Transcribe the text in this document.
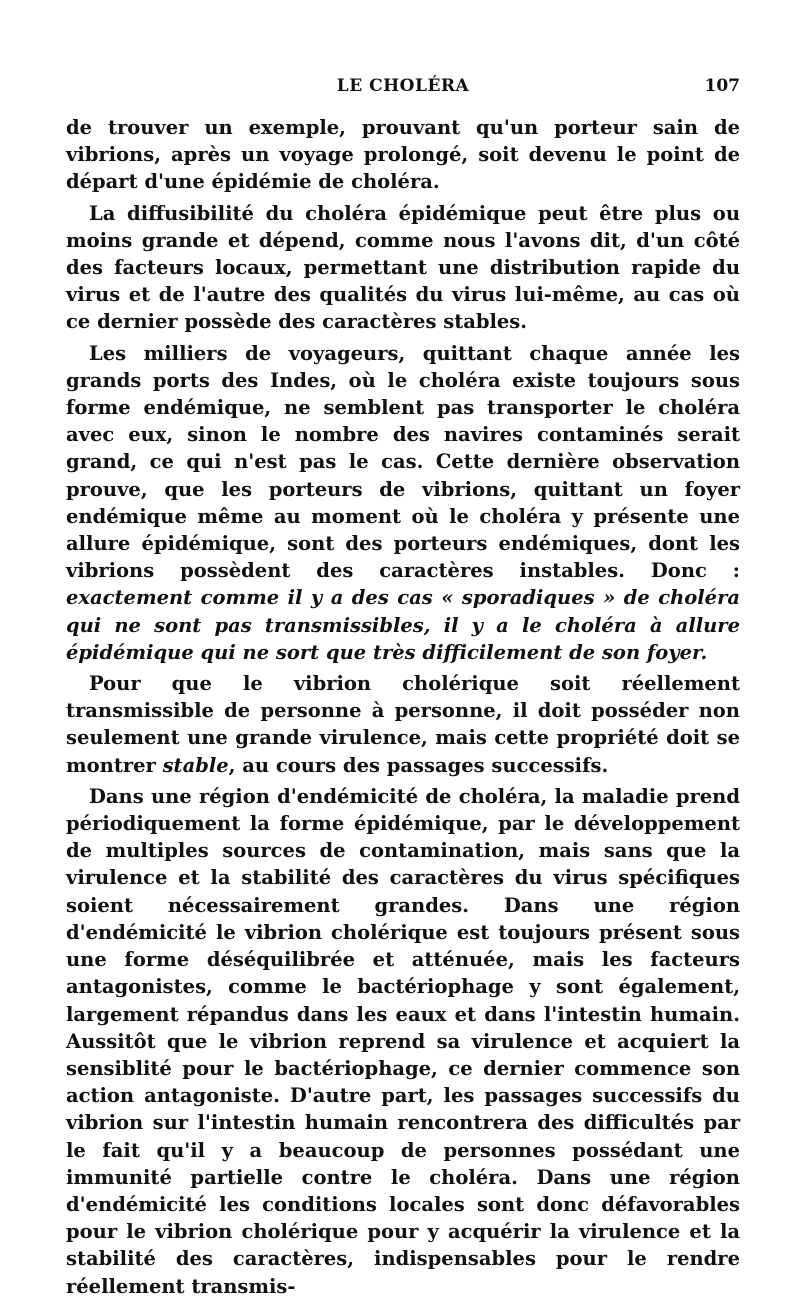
LE CHOLÉRA	107

de trouver un exemple, prouvant qu'un porteur sain de vibrions, après un voyage prolongé, soit devenu le point de départ d'une épidémie de choléra.

La diffusibilité du choléra épidémique peut être plus ou moins grande et dépend, comme nous l'avons dit, d'un côté des facteurs locaux, permettant une distribution rapide du virus et de l'autre des qualités du virus lui-même, au cas où ce dernier possède des caractères stables.

Les milliers de voyageurs, quittant chaque année les grands ports des Indes, où le choléra existe toujours sous forme endémique, ne semblent pas transporter le choléra avec eux, sinon le nombre des navires contaminés serait grand, ce qui n'est pas le cas. Cette dernière observation prouve, que les porteurs de vibrions, quittant un foyer endémique même au moment où le choléra y présente une allure épidémique, sont des porteurs endémiques, dont les vibrions possèdent des caractères instables. Donc : exactement comme il y a des cas « sporadiques » de choléra qui ne sont pas transmissibles, il y a le choléra à allure épidémique qui ne sort que très difficilement de son foyer.

Pour que le vibrion cholérique soit réellement transmissible de personne à personne, il doit posséder non seulement une grande virulence, mais cette propriété doit se montrer stable, au cours des passages successifs.

Dans une région d'endémicité de choléra, la maladie prend périodiquement la forme épidémique, par le développement de multiples sources de contamination, mais sans que la virulence et la stabilité des caractères du virus spécifiques soient nécessairement grandes. Dans une région d'endémicité le vibrion cholérique est toujours présent sous une forme déséquilibrée et atténuée, mais les facteurs antagonistes, comme le bactériophage y sont également, largement répandus dans les eaux et dans l'intestin humain. Aussitôt que le vibrion reprend sa virulence et acquiert la sensiblité pour le bactériophage, ce dernier commence son action antagoniste. D'autre part, les passages successifs du vibrion sur l'intestin humain rencontrera des difficultés par le fait qu'il y a beaucoup de personnes possédant une immunité partielle contre le choléra. Dans une région d'endémicité les conditions locales sont donc défavorables pour le vibrion cholérique pour y acquérir la virulence et la stabilité des caractères, indispensables pour le rendre réellement transmis-
